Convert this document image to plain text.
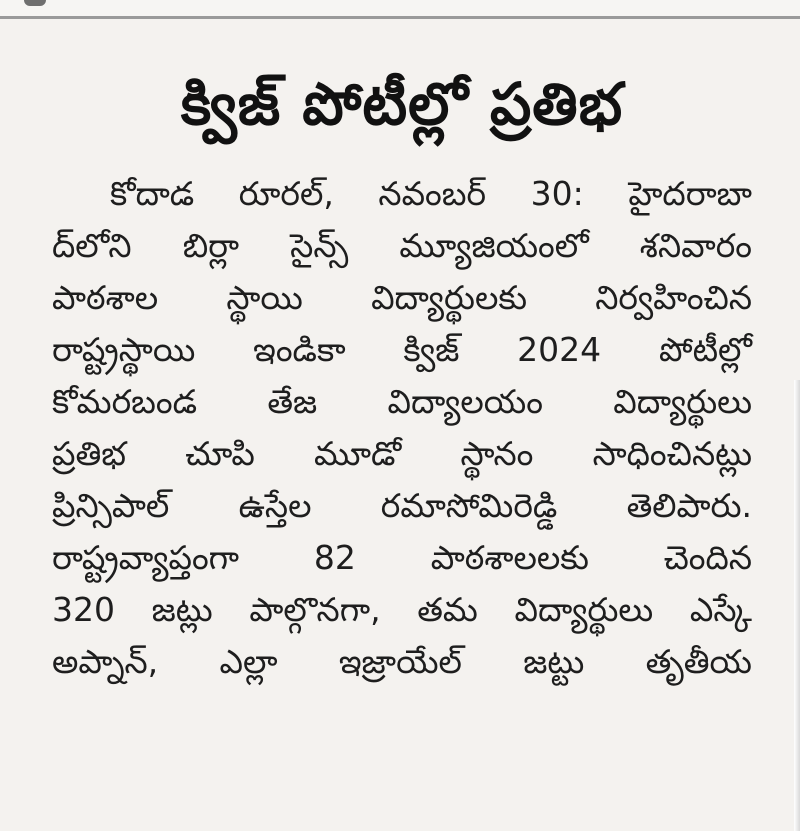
క్విజ్ పోటీల్లో ప్రతిభ
కోదాడ రూరల్, నవంబర్ 30: హైదరాబా
ద్‌లోని బిర్లా సైన్స్ మ్యూజియంలో శనివారం
పాఠశాల స్థాయి విద్యార్థులకు నిర్వహించిన
రాష్ట్రస్థాయి ఇండికా క్విజ్ 2024 పోటీల్లో
కోమరబండ తేజ విద్యాలయం విద్యార్థులు
ప్రతిభ చూపి మూడో స్థానం సాధించినట్లు
ప్రిన్సిపాల్ ఉస్తేల రమాసోమిరెడ్డి తెలిపారు.
రాష్ట్రవ్యాప్తంగా 82 పాఠశాలలకు చెందిన
320 జట్లు పాల్గొనగా, తమ విద్యార్థులు ఎస్కే
అప్నాన్, ఎల్లా ఇజ్రాయేల్ జట్టు తృతీయ
